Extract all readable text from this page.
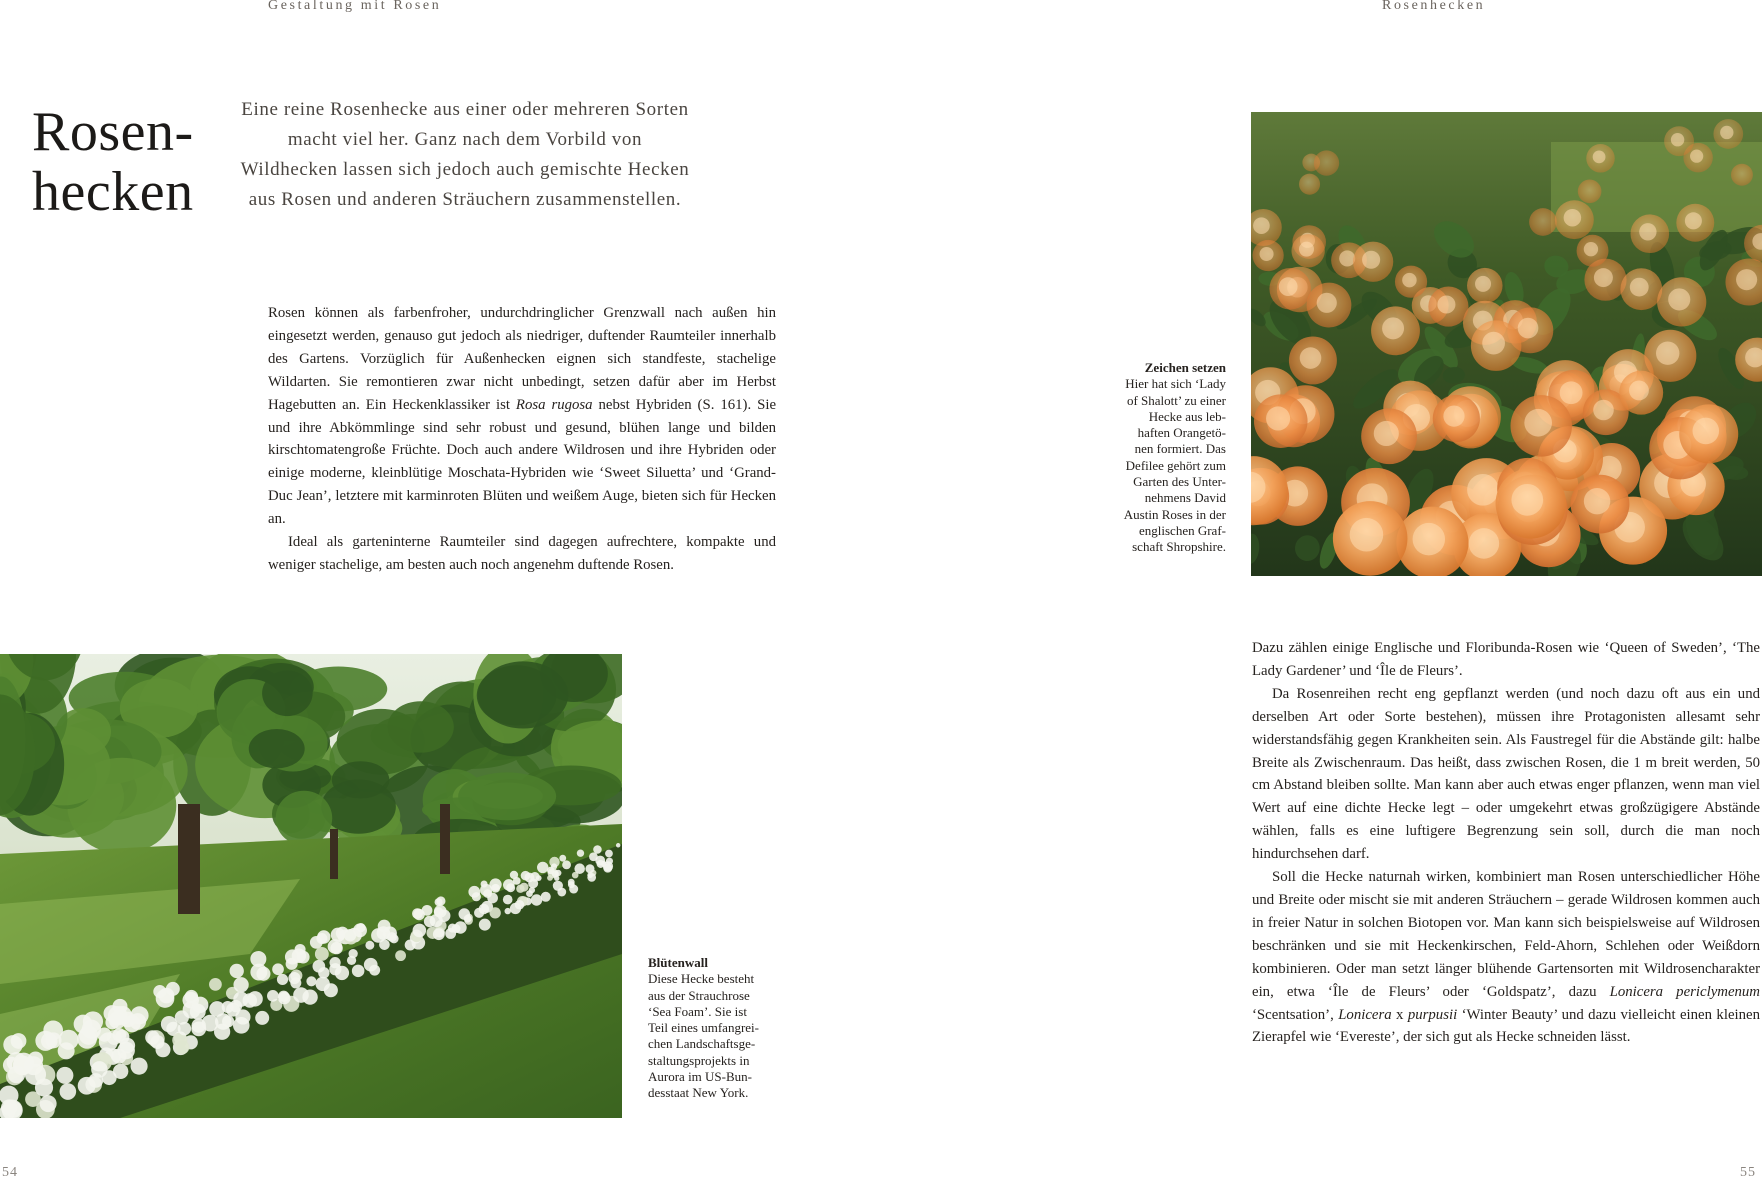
Gestaltung mit Rosen	Rosenhecken
Rosen-
hecken
Eine reine Rosenhecke aus einer oder mehreren Sorten macht viel her. Ganz nach dem Vorbild von Wildhecken lassen sich jedoch auch gemischte Hecken aus Rosen und anderen Sträuchern zusammenstellen.

Rosen können als farbenfroher, undurchdringlicher Grenzwall nach außen hin eingesetzt werden, genauso gut jedoch als niedriger, duftender Raumteiler innerhalb des Gartens. Vorzüglich für Außenhecken eignen sich standfeste, stachelige Wildarten. Sie remontieren zwar nicht unbedingt, setzen dafür aber im Herbst Hagebutten an. Ein Heckenklassiker ist Rosa rugosa nebst Hybriden (S. 161). Sie und ihre Abkömmlinge sind sehr robust und gesund, blühen lange und bilden kirschtomatengroße Früchte. Doch auch andere Wildrosen und ihre Hybriden oder einige moderne, kleinblütige Moschata-Hybriden wie ‘Sweet Siluetta’ und ‘Grand-Duc Jean’, letztere mit karminroten Blüten und weißem Auge, bieten sich für Hecken an.

Ideal als garteninterne Raumteiler sind dagegen aufrechtere, kompakte und weniger stachelige, am besten auch noch angenehm duftende Rosen.

Zeichen setzen
Hier hat sich ‘Lady
of Shalott’ zu einer
Hecke aus leb-
haften Orangetö-
nen formiert. Das
Defilee gehört zum
Garten des Unter-
nehmens David
Austin Roses in der
englischen Graf-
schaft Shropshire.
Blütenwall
Diese Hecke besteht
aus der Strauchrose
‘Sea Foam’. Sie ist
Teil eines umfangrei-
chen Landschaftsge-
staltungsprojekts in
Aurora im US-Bun-
desstaat New York.

Dazu zählen einige Englische und Floribunda-Rosen wie ‘Queen of Sweden’, ‘The Lady Gardener’ und ‘Île de Fleurs’.

Da Rosenreihen recht eng gepflanzt werden (und noch dazu oft aus ein und derselben Art oder Sorte bestehen), müssen ihre Protagonisten allesamt sehr widerstandsfähig gegen Krankheiten sein. Als Faustregel für die Abstände gilt: halbe Breite als Zwischenraum. Das heißt, dass zwischen Rosen, die 1 m breit werden, 50 cm Abstand bleiben sollte. Man kann aber auch etwas enger pflanzen, wenn man viel Wert auf eine dichte Hecke legt – oder umgekehrt etwas großzügigere Abstände wählen, falls es eine luftigere Begrenzung sein soll, durch die man noch hindurchsehen darf.

Soll die Hecke naturnah wirken, kombiniert man Rosen unterschiedlicher Höhe und Breite oder mischt sie mit anderen Sträuchern – gerade Wildrosen kommen auch in freier Natur in solchen Biotopen vor. Man kann sich beispielsweise auf Wildrosen beschränken und sie mit Heckenkirschen, Feld-Ahorn, Schlehen oder Weißdorn kombinieren. Oder man setzt länger blühende Gartensorten mit Wildrosencharakter ein, etwa ‘Île de Fleurs’ oder ‘Goldspatz’, dazu Lonicera periclymenum ‘Scentsation’, Lonicera x purpusii ‘Winter Beauty’ und dazu vielleicht einen kleinen Zierapfel wie ‘Evereste’, der sich gut als Hecke schneiden lässt.

54	55
